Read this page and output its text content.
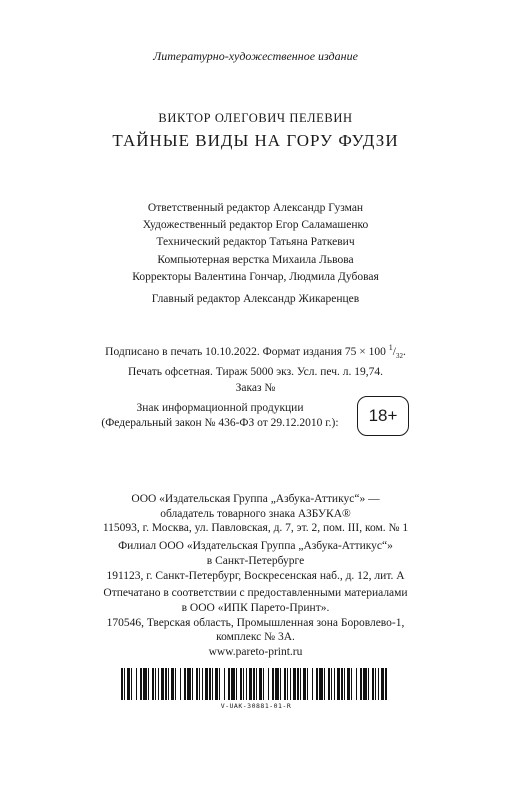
Литературно-художественное издание
ВИКТОР ОЛЕГОВИЧ ПЕЛЕВИН
ТАЙНЫЕ ВИДЫ НА ГОРУ ФУДЗИ
Ответственный редактор Александр Гузман
Художественный редактор Егор Саламашенко
Технический редактор Татьяна Раткевич
Компьютерная верстка Михаила Львова
Корректоры Валентина Гончар, Людмила Дубовая
Главный редактор Александр Жикаренцев
Подписано в печать 10.10.2022. Формат издания 75 × 100 $^1/_{32}$.
Печать офсетная. Тираж 5000 экз. Усл. печ. л. 19,74.
Заказ №
Знак информационной продукции
(Федеральный закон № 436-ФЗ от 29.12.2010 г.):	18+
ООО «Издательская Группа „Азбука-Аттикус“» —
обладатель товарного знака АЗБУКА®
115093, г. Москва, ул. Павловская, д. 7, эт. 2, пом. III, ком. № 1
Филиал ООО «Издательская Группа „Азбука-Аттикус“»
в Санкт-Петербурге
191123, г. Санкт-Петербург, Воскресенская наб., д. 12, лит. А
Отпечатано в соответствии с предоставленными материалами
в ООО «ИПК Парето-Принт».
170546, Тверская область, Промышленная зона Боровлево-1,
комплекс № 3А.
www.pareto-print.ru
V-UAK-30881-01-R
